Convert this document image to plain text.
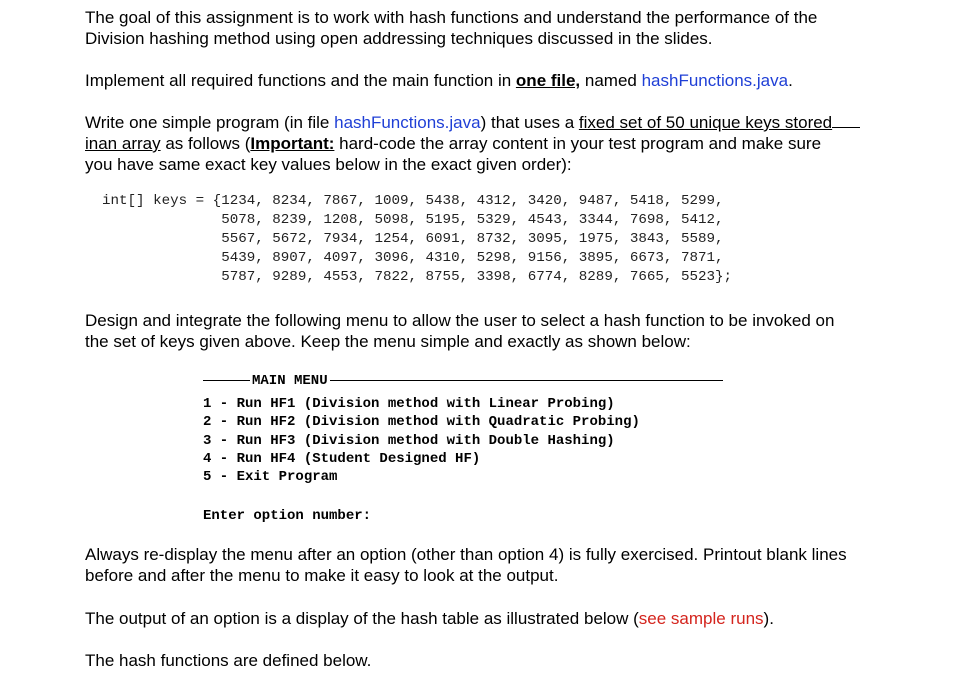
The goal of this assignment is to work with hash functions and understand the performance of the
Division hashing method using open addressing techniques discussed in the slides.

Implement all required functions and the main function in one file, named hashFunctions.java.

Write one simple program (in file hashFunctions.java) that uses a fixed set of 50 unique keys stored
inan array as follows (Important: hard-code the array content in your test program and make sure
you have same exact key values below in the exact given order):

int[] keys = {1234, 8234, 7867, 1009, 5438, 4312, 3420, 9487, 5418, 5299,
5078, 8239, 1208, 5098, 5195, 5329, 4543, 3344, 7698, 5412,
5567, 5672, 7934, 1254, 6091, 8732, 3095, 1975, 3843, 5589,
5439, 8907, 4097, 3096, 4310, 5298, 9156, 3895, 6673, 7871,
5787, 9289, 4553, 7822, 8755, 3398, 6774, 8289, 7665, 5523};

Design and integrate the following menu to allow the user to select a hash function to be invoked on
the set of keys given above. Keep the menu simple and exactly as shown below:

MAIN MENU
1 - Run HF1 (Division method with Linear Probing)
2 - Run HF2 (Division method with Quadratic Probing)
3 - Run HF3 (Division method with Double Hashing)
4 - Run HF4 (Student Designed HF)
5 - Exit Program
Enter option number:

Always re-display the menu after an option (other than option 4) is fully exercised. Printout blank lines
before and after the menu to make it easy to look at the output.

The output of an option is a display of the hash table as illustrated below (see sample runs).

The hash functions are defined below.
